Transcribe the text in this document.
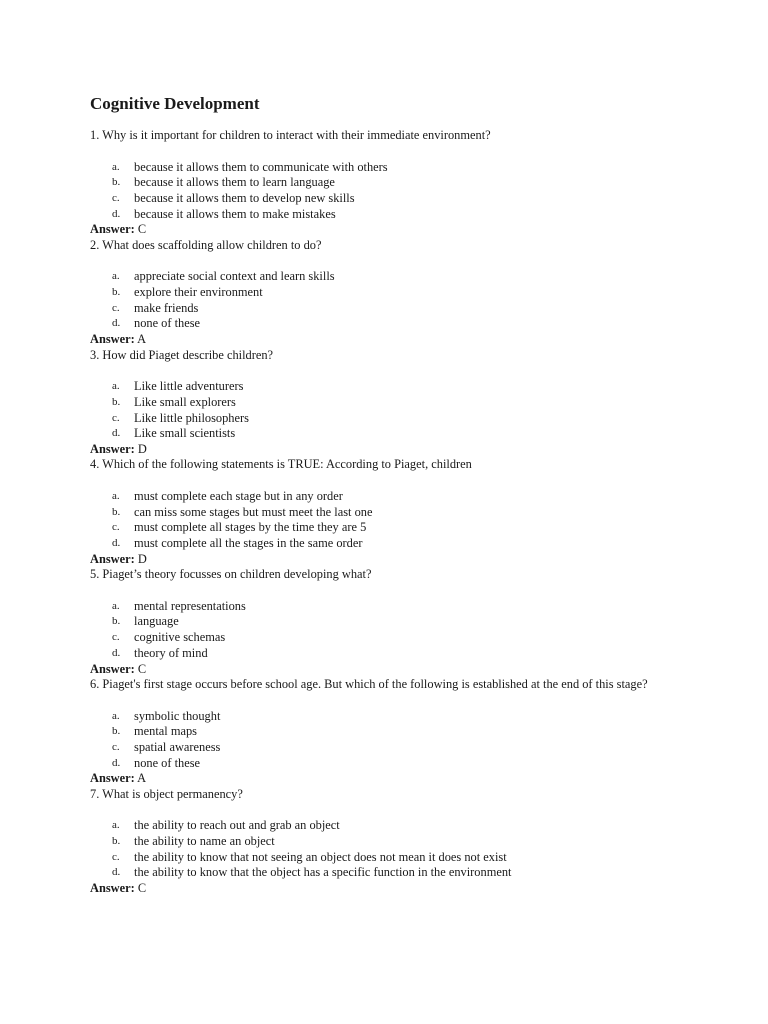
Cognitive Development

1. Why is it important for children to interact with their immediate environment?

a.	because it allows them to communicate with others
b.	because it allows them to learn language
c.	because it allows them to develop new skills
d.	because it allows them to make mistakes

Answer: C

2. What does scaffolding allow children to do?

a.	appreciate social context and learn skills
b.	explore their environment
c.	make friends
d.	none of these

Answer: A

3. How did Piaget describe children?

a.	Like little adventurers
b.	Like small explorers
c.	Like little philosophers
d.	Like small scientists

Answer: D

4. Which of the following statements is TRUE: According to Piaget, children

a.	must complete each stage but in any order
b.	can miss some stages but must meet the last one
c.	must complete all stages by the time they are 5
d.	must complete all the stages in the same order

Answer: D

5. Piaget’s theory focusses on children developing what?

a.	mental representations
b.	language
c.	cognitive schemas
d.	theory of mind

Answer: C

6. Piaget's first stage occurs before school age. But which of the following is established at the end of this stage?

a.	symbolic thought
b.	mental maps
c.	spatial awareness
d.	none of these

Answer: A

7. What is object permanency?

a.	the ability to reach out and grab an object
b.	the ability to name an object
c.	the ability to know that not seeing an object does not mean it does not exist
d.	the ability to know that the object has a specific function in the environment

Answer: C
